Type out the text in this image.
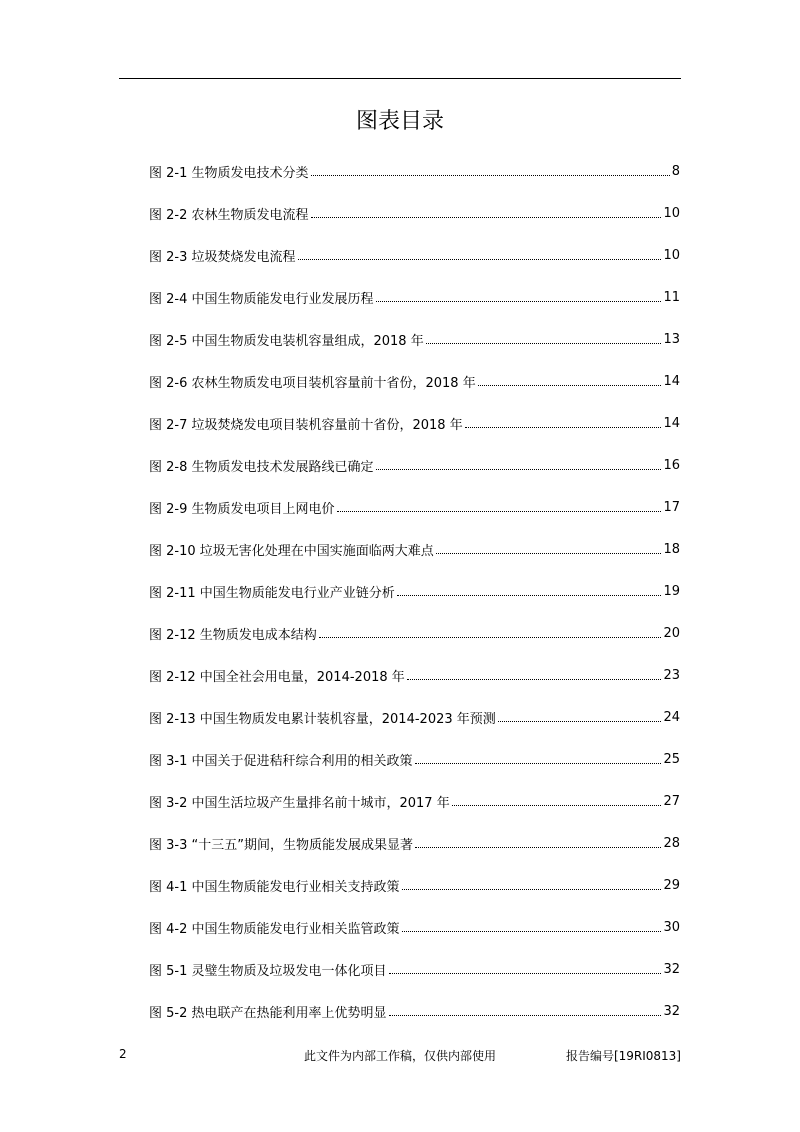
图表目录
图 2-1 生物质发电技术分类	8
图 2-2 农林生物质发电流程	10
图 2-3 垃圾焚烧发电流程	10
图 2-4 中国生物质能发电行业发展历程	11
图 2-5 中国生物质发电装机容量组成，2018 年	13
图 2-6 农林生物质发电项目装机容量前十省份，2018 年	14
图 2-7 垃圾焚烧发电项目装机容量前十省份，2018 年	14
图 2-8 生物质发电技术发展路线已确定	16
图 2-9 生物质发电项目上网电价	17
图 2-10 垃圾无害化处理在中国实施面临两大难点	18
图 2-11 中国生物质能发电行业产业链分析	19
图 2-12 生物质发电成本结构	20
图 2-12 中国全社会用电量，2014-2018 年	23
图 2-13 中国生物质发电累计装机容量，2014-2023 年预测	24
图 3-1 中国关于促进秸秆综合利用的相关政策	25
图 3-2 中国生活垃圾产生量排名前十城市，2017 年	27
图 3-3 “十三五”期间，生物质能发展成果显著	28
图 4-1 中国生物质能发电行业相关支持政策	29
图 4-2 中国生物质能发电行业相关监管政策	30
图 5-1 灵璧生物质及垃圾发电一体化项目	32
图 5-2 热电联产在热能利用率上优势明显	32
2	此文件为内部工作稿，仅供内部使用	报告编号[19RI0813]
